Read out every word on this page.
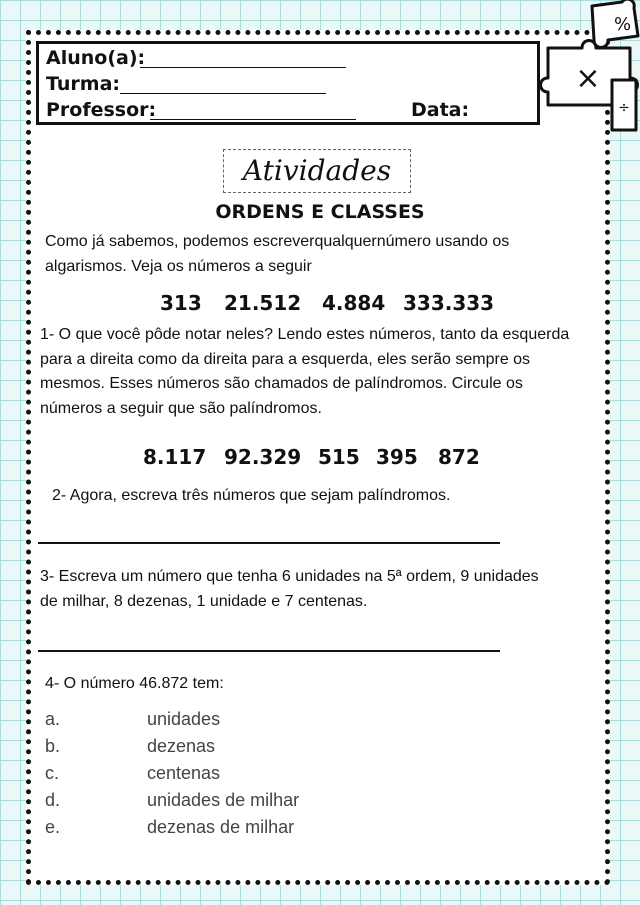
×
%
÷
Aluno(a):
Turma:
Professor:	Data:
Atividades
ORDENS E CLASSES
Como já sabemos, podemos escreverqualquernúmero usando os algarismos. Veja os números a seguir
313 21.512 4.884 333.333
1- O que você pôde notar neles? Lendo estes números, tanto da esquerda para a direita como da direita para a esquerda, eles serão sempre os mesmos. Esses números são chamados de palíndromos. Circule os números a seguir que são palíndromos.
8.117 92.329 515 395 872
2- Agora, escreva três números que sejam palíndromos.
3- Escreva um número que tenha 6 unidades na 5ª ordem, 9 unidades de milhar, 8 dezenas, 1 unidade e 7 centenas.
4- O número 46.872 tem:
a.	unidades
b.	dezenas
c.	centenas
d.	unidades de milhar
e.	dezenas de milhar
